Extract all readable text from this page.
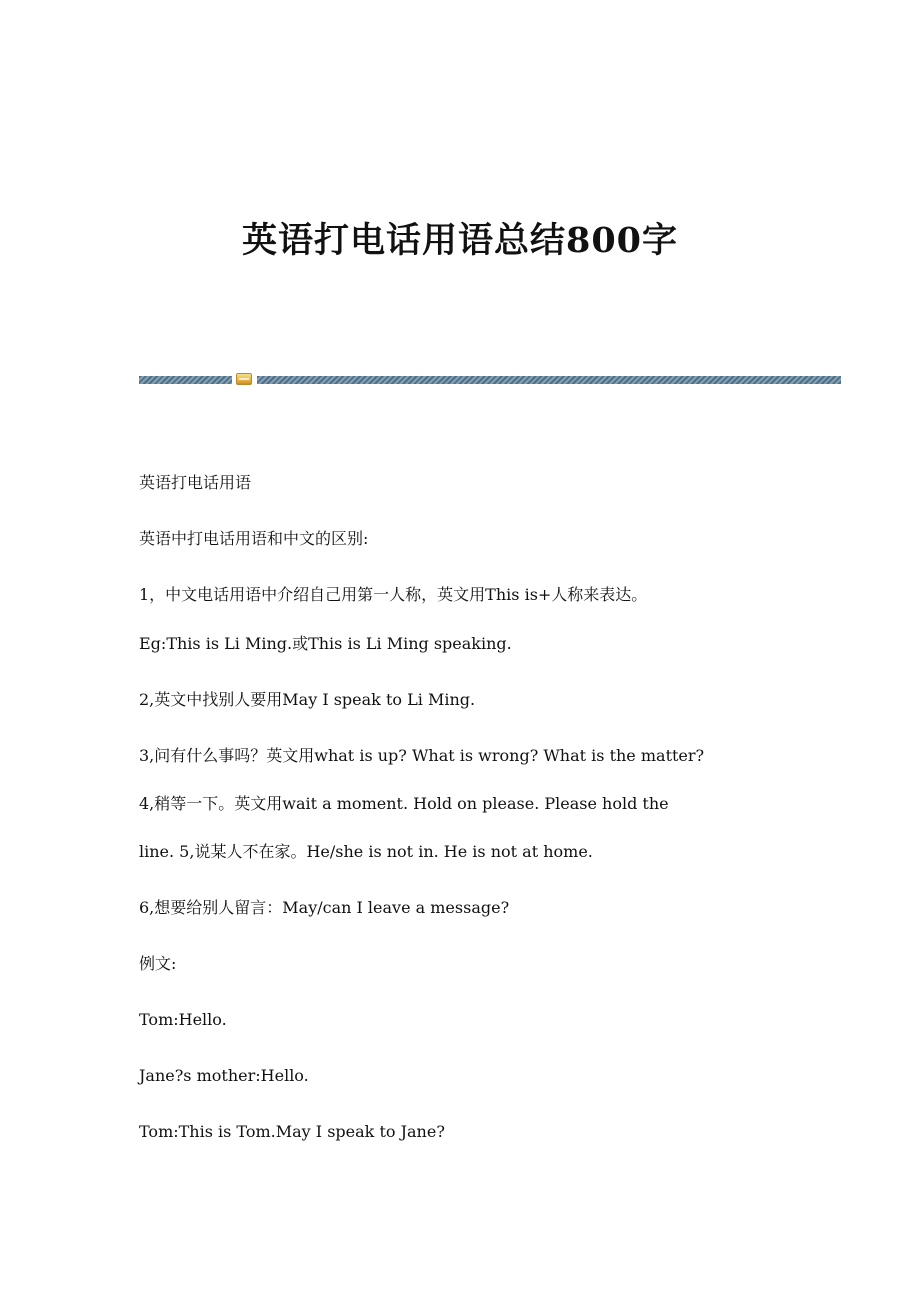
英语打电话用语总结800字
英语打电话用语
英语中打电话用语和中文的区别:
1，中文电话用语中介绍自己用第一人称，英文用This is+人称来表达。
Eg:This is Li Ming.或This is Li Ming speaking.
2,英文中找别人要用May I speak to Li Ming.
3,问有什么事吗？英文用what is up? What is wrong? What is the matter?
4,稍等一下。英文用wait a moment. Hold on please. Please hold the
line. 5,说某人不在家。He/she is not in. He is not at home.
6,想要给别人留言：May/can I leave a message?
例文:
Tom:Hello.
Jane?s mother:Hello.
Tom:This is Tom.May I speak to Jane?
